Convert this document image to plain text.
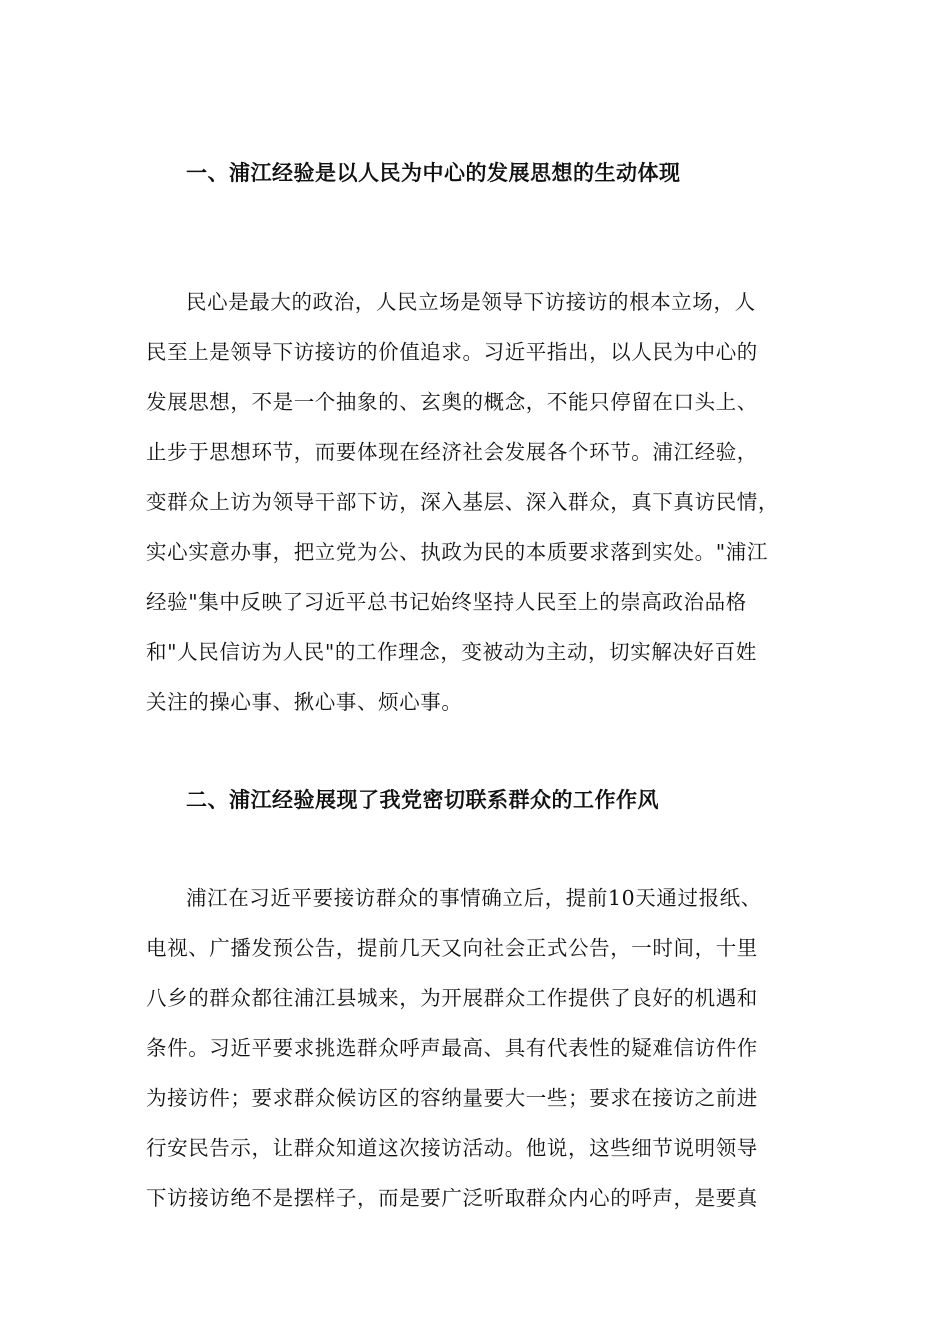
一、浦江经验是以人民为中心的发展思想的生动体现
民心是最大的政治，人民立场是领导下访接访的根本立场，人
民至上是领导下访接访的价值追求。习近平指出，以人民为中心的
发展思想，不是一个抽象的、玄奥的概念，不能只停留在口头上、
止步于思想环节，而要体现在经济社会发展各个环节。浦江经验，
变群众上访为领导干部下访，深入基层、深入群众，真下真访民情，
实心实意办事，把立党为公、执政为民的本质要求落到实处。"浦江
经验"集中反映了习近平总书记始终坚持人民至上的崇高政治品格
和"人民信访为人民"的工作理念，变被动为主动，切实解决好百姓
关注的操心事、揪心事、烦心事。
二、浦江经验展现了我党密切联系群众的工作作风
浦江在习近平要接访群众的事情确立后，提前10天通过报纸、
电视、广播发预公告，提前几天又向社会正式公告，一时间，十里
八乡的群众都往浦江县城来，为开展群众工作提供了良好的机遇和
条件。习近平要求挑选群众呼声最高、具有代表性的疑难信访件作
为接访件；要求群众候访区的容纳量要大一些；要求在接访之前进
行安民告示，让群众知道这次接访活动。他说，这些细节说明领导
下访接访绝不是摆样子，而是要广泛听取群众内心的呼声，是要真
